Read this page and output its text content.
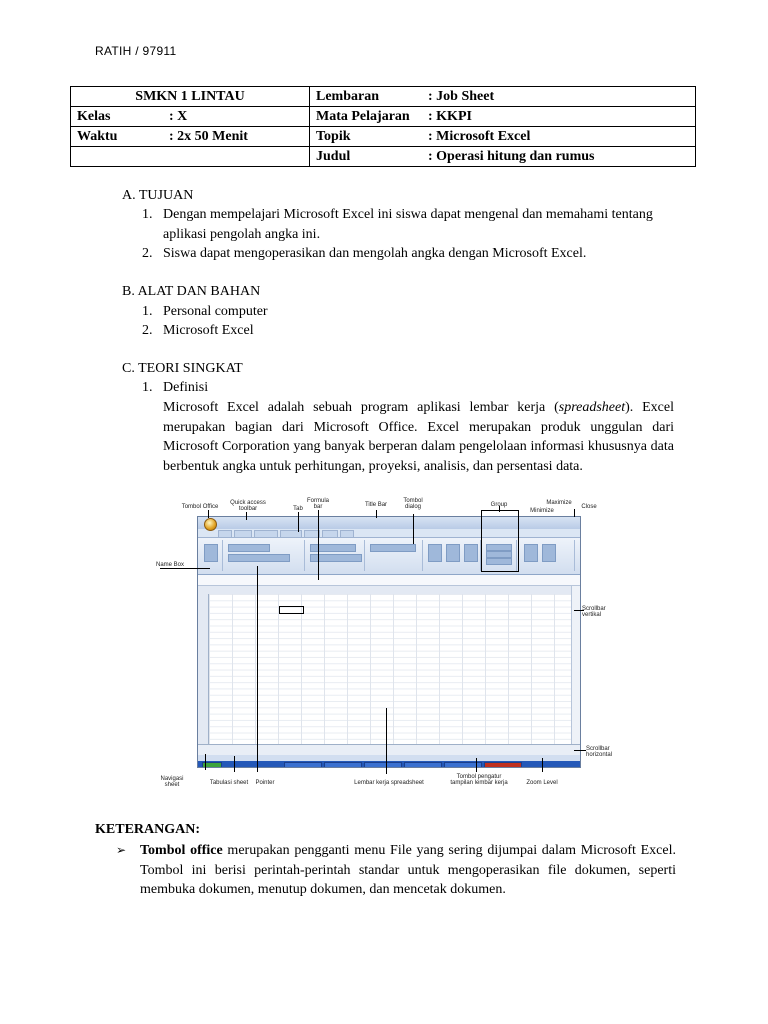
RATIH / 97911
SMKN 1 LINTAU	Lembaran : Job Sheet
Kelas : X	Mata Pelajaran : KKPI
Waktu : 2x 50 Menit	Topik : Microsoft Excel
	Judul : Operasi hitung dan rumus
A. TUJUAN
1. Dengan mempelajari Microsoft Excel ini siswa dapat mengenal dan memahami tentang aplikasi pengolah angka ini.
2. Siswa dapat mengoperasikan dan mengolah angka dengan Microsoft Excel.
B. ALAT DAN BAHAN
1. Personal computer
2. Microsoft Excel
C. TEORI SINGKAT
1. Definisi
Microsoft Excel adalah sebuah program aplikasi lembar kerja (spreadsheet). Excel merupakan bagian dari Microsoft Office. Excel merupakan produk unggulan dari Microsoft Corporation yang banyak berperan dalam pengelolaan informasi khususnya data berbentuk angka untuk perhitungan, proyeksi, analisis, dan persentasi data.
Tombol Office
Quick access toolbar	Tab
Formula bar	Title Bar
Tombol dialog	Group
Minimize
Maximize
Close
Name Box
Scrollbar vertikal
Scrollbar horizontal
Navigasi sheet	Tabulasi sheet	Pointer	Lembar kerja spreadsheet
Tombol pengatur tampilan lembar kerja	Zoom Level
KETERANGAN:
➢ Tombol office merupakan pengganti menu File yang sering dijumpai dalam Microsoft Excel. Tombol ini berisi perintah-perintah standar untuk mengoperasikan file dokumen, seperti membuka dokumen, menutup dokumen, dan mencetak dokumen.
